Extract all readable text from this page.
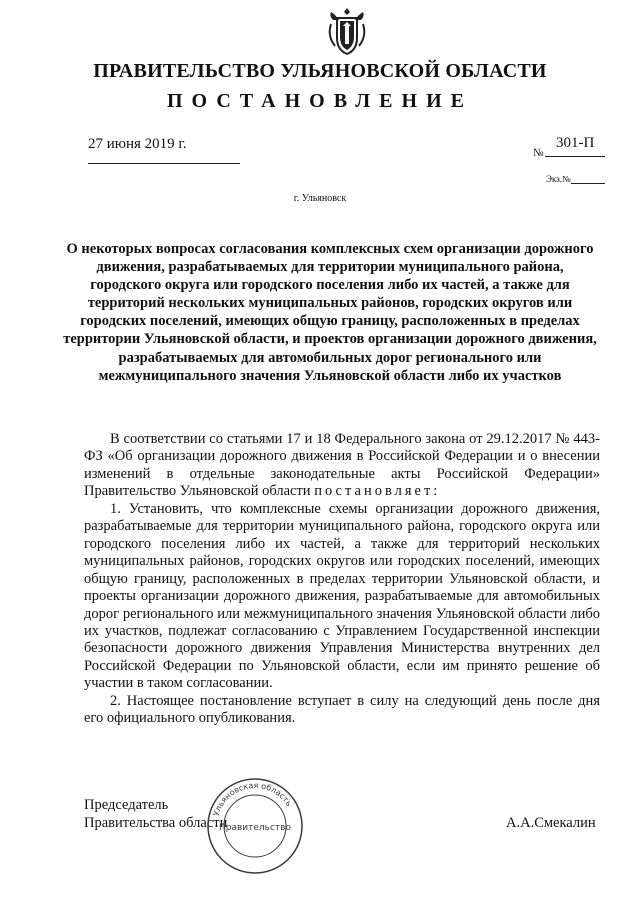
ПРАВИТЕЛЬСТВО УЛЬЯНОВСКОЙ ОБЛАСТИ
ПОСТАНОВЛЕНИЕ
27 июня 2019 г.
№
301-П
Экз.№
г. Ульяновск
О некоторых вопросах согласования комплексных схем организации дорожного движения, разрабатываемых для территории муниципального района, городского округа или городского поселения либо их частей, а также для территорий нескольких муниципальных районов, городских округов или городских поселений, имеющих общую границу, расположенных в пределах территории Ульяновской области, и проектов организации дорожного движения, разрабатываемых для автомобильных дорог регионального или межмуниципального значения Ульяновской области либо их участков

В соответствии со статьями 17 и 18 Федерального закона от 29.12.2017 № 443-ФЗ «Об организации дорожного движения в Российской Федерации и о внесении изменений в отдельные законодательные акты Российской Федерации» Правительство Ульяновской области постановляет:

1. Установить, что комплексные схемы организации дорожного движения, разрабатываемые для территории муниципального района, городского округа или городского поселения либо их частей, а также для территорий нескольких муниципальных районов, городских округов или городских поселений, имеющих общую границу, расположенных в пределах территории Ульяновской области, и проекты организации дорожного движения, разрабатываемые для автомобильных дорог регионального или межмуниципального значения Ульяновской области либо их участков, подлежат согласованию с Управлением Государственной инспекции безопасности дорожного движения Управления Министерства внутренних дел Российской Федерации по Ульяновской области, если им принято решение об участии в таком согласовании.

2. Настоящее постановление вступает в силу на следующий день после дня его официального опубликования.

Председатель
Правительства области	А.А.Смекалин
Ульяновская область
Правительство
